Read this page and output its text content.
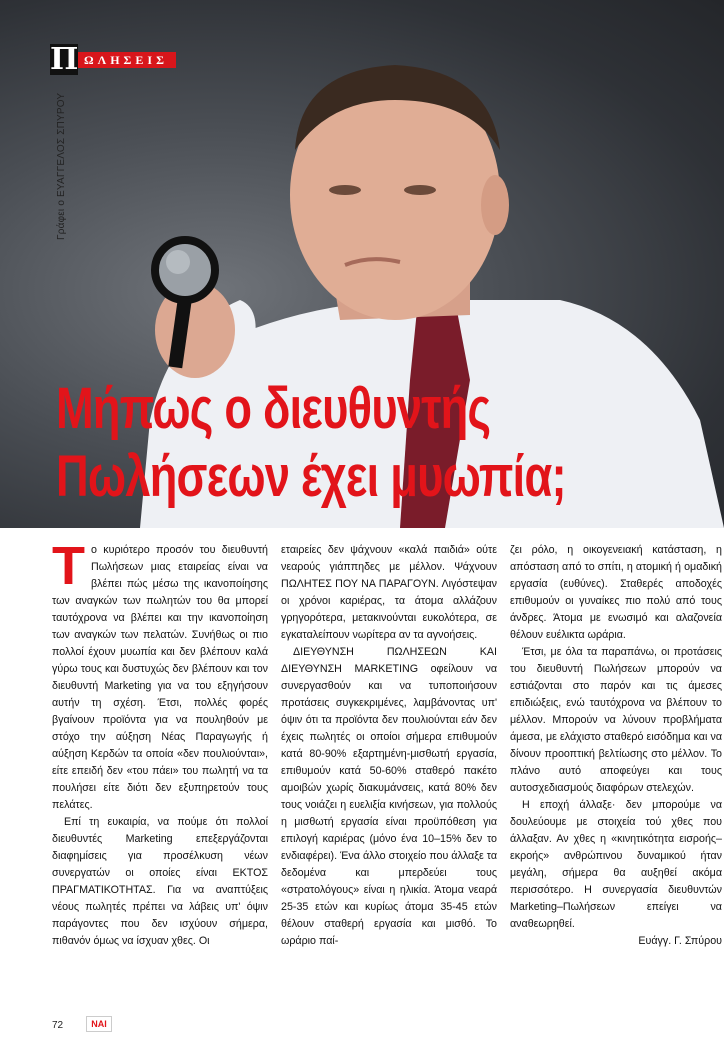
Π ΩΛΗΣΕΙΣ
Γράφει ο ΕΥΑΓΓΕΛΟΣ ΣΠΥΡΟΥ
Μήπως ο διευθυντής
Πωλήσεων έχει μυωπία;

Το κυριότερο προσόν του διευθυντή Πωλήσεων μιας εταιρείας είναι να βλέπει πώς μέσω της ικανοποίησης των αναγκών των πωλητών του θα μπορεί ταυτόχρονα να βλέπει και την ικανοποίηση των αναγκών των πελατών. Συνήθως οι πιο πολλοί έχουν μυωπία και δεν βλέπουν καλά γύρω τους και δυστυχώς δεν βλέπουν και τον διευθυντή Marketing για να του εξηγήσουν αυτήν τη σχέση. Έτσι, πολλές φορές βγαίνουν προϊόντα για να πουληθούν με στόχο την αύξηση Νέας Παραγωγής ή αύξηση Κερδών τα οποία «δεν πουλιούνται», είτε επειδή δεν «του πάει» του πωλητή να τα πουλήσει είτε διότι δεν εξυπηρετούν τους πελάτες.

Επί τη ευκαιρία, να πούμε ότι πολλοί διευθυντές Marketing επεξεργάζονται διαφημίσεις για προσέλκυση νέων συνεργατών οι οποίες είναι ΕΚΤΟΣ ΠΡΑΓΜΑΤΙΚΟΤΗΤΑΣ. Για να αναπτύξεις νέους πωλητές πρέπει να λάβεις υπ' όψιν παράγοντες που δεν ισχύουν σήμερα, πιθανόν όμως να ίσχυαν χθες. Οι

εταιρείες δεν ψάχνουν «καλά παιδιά» ούτε νεαρούς γιάππηδες με μέλλον. Ψάχνουν ΠΩΛΗΤΕΣ ΠΟΥ ΝΑ ΠΑΡΑΓΟΥΝ. Λιγόστεψαν οι χρόνοι καριέρας, τα άτομα αλλάζουν γρηγορότερα, μετακινούνται ευκολότερα, σε εγκαταλείπουν νωρίτερα αν τα αγνοήσεις.

ΔΙΕΥΘΥΝΣΗ ΠΩΛΗΣΕΩΝ ΚΑΙ ΔΙΕΥΘΥΝΣΗ MARKETING οφείλουν να συνεργασθούν και να τυποποιήσουν προτάσεις συγκεκριμένες, λαμβάνοντας υπ' όψιν ότι τα προϊόντα δεν πουλιούνται εάν δεν έχεις πωλητές οι οποίοι σήμερα επιθυμούν κατά 80-90% εξαρτημένη-μισθωτή εργασία, επιθυμούν κατά 50-60% σταθερό πακέτο αμοιβών χωρίς διακυμάνσεις, κατά 80% δεν τους νοιάζει η ευελιξία κινήσεων, για πολλούς η μισθωτή εργασία είναι προϋπόθεση για επιλογή καριέρας (μόνο ένα 10–15% δεν το ενδιαφέρει). Ένα άλλο στοιχείο που άλλαξε τα δεδομένα και μπερδεύει τους «στρατολόγους» είναι η ηλικία. Άτομα νεαρά 25-35 ετών και κυρίως άτομα 35-45 ετών θέλουν σταθερή εργασία και μισθό. Το ωράριο παί-

ζει ρόλο, η οικογενειακή κατάσταση, η απόσταση από το σπίτι, η ατομική ή ομαδική εργασία (ευθύνες). Σταθερές αποδοχές επιθυμούν οι γυναίκες πιο πολύ από τους άνδρες. Άτομα με ενωσιμό και αλαζονεία θέλουν ευέλικτα ωράρια.

Έτσι, με όλα τα παραπάνω, οι προτάσεις του διευθυντή Πωλήσεων μπορούν να εστιάζονται στο παρόν και τις άμεσες επιδιώξεις, ενώ ταυτόχρονα να βλέπουν το μέλλον. Μπορούν να λύνουν προβλήματα άμεσα, με ελάχιστο σταθερό εισόδημα και να δίνουν προοπτική βελτίωσης στο μέλλον. Το πλάνο αυτό αποφεύγει και τους αυτοσχεδιασμούς διαφόρων στελεχών.

Η εποχή άλλαξε· δεν μπορούμε να δουλεύουμε με στοιχεία τού χθες που άλλαξαν. Αν χθες η «κινητικότητα εισροής–εκροής» ανθρώπινου δυναμικού ήταν μεγάλη, σήμερα θα αυξηθεί ακόμα περισσότερο. Η συνεργασία διευθυντών Marketing–Πωλήσεων επείγει να αναθεωρηθεί.

Ευάγγ. Γ. Σπύρου

72	ΝΑΙ
